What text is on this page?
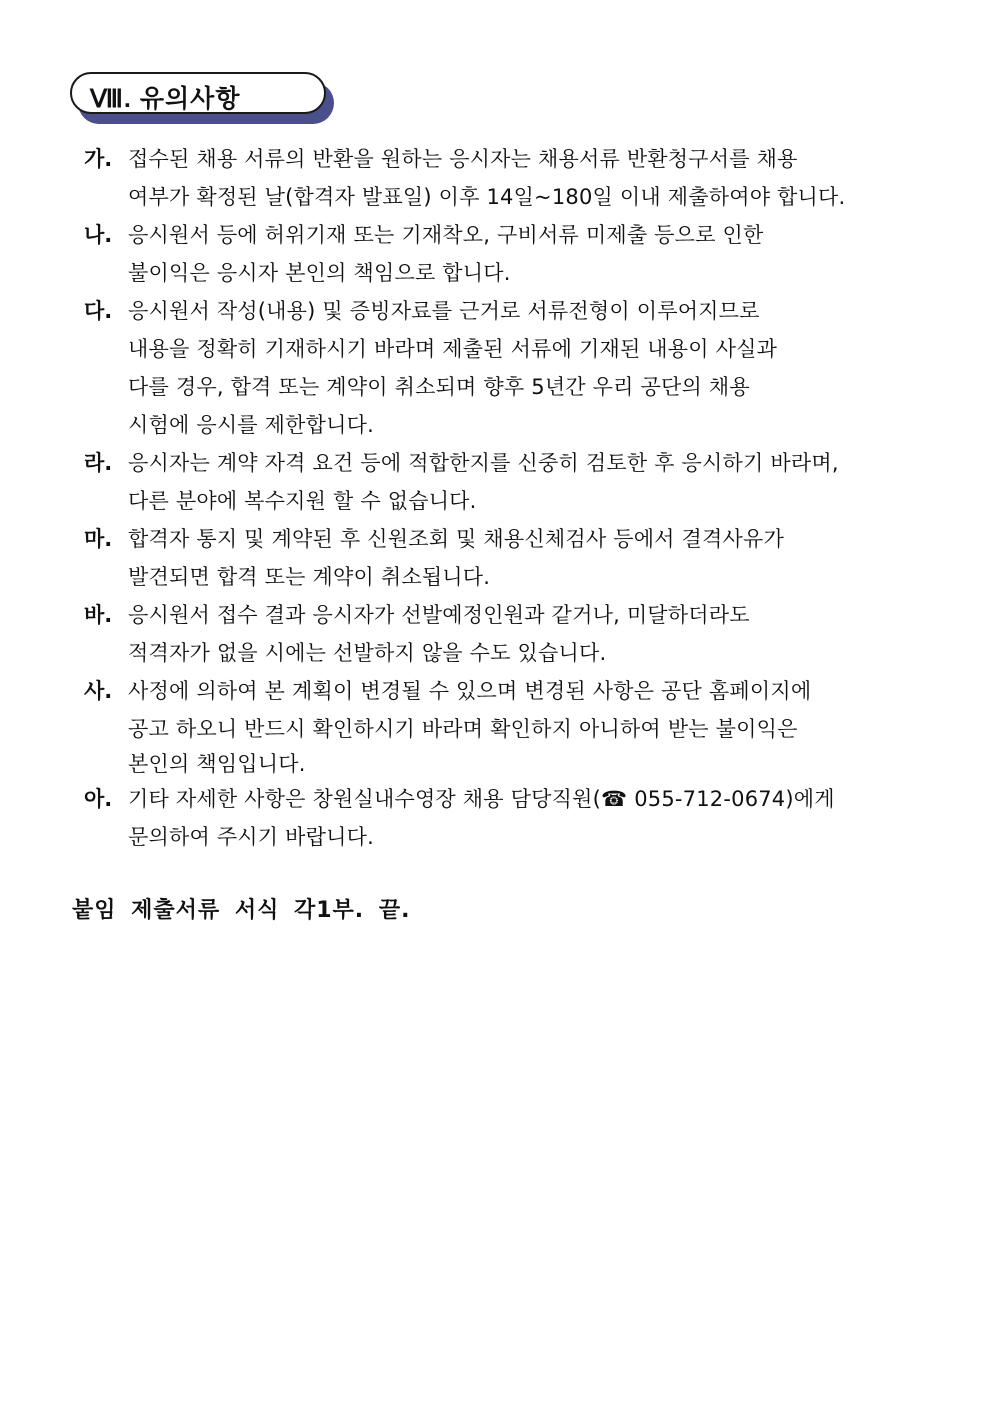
Ⅷ. 유의사항
가. 접수된 채용 서류의 반환을 원하는 응시자는 채용서류 반환청구서를 채용
여부가 확정된 날(합격자 발표일) 이후 14일~180일 이내 제출하여야 합니다.
나. 응시원서 등에 허위기재 또는 기재착오, 구비서류 미제출 등으로 인한
불이익은 응시자 본인의 책임으로 합니다.
다. 응시원서 작성(내용) 및 증빙자료를 근거로 서류전형이 이루어지므로
내용을 정확히 기재하시기 바라며 제출된 서류에 기재된 내용이 사실과
다를 경우, 합격 또는 계약이 취소되며 향후 5년간 우리 공단의 채용
시험에 응시를 제한합니다.
라. 응시자는 계약 자격 요건 등에 적합한지를 신중히 검토한 후 응시하기 바라며,
다른 분야에 복수지원 할 수 없습니다.
마. 합격자 통지 및 계약된 후 신원조회 및 채용신체검사 등에서 결격사유가
발견되면 합격 또는 계약이 취소됩니다.
바. 응시원서 접수 결과 응시자가 선발예정인원과 같거나, 미달하더라도
적격자가 없을 시에는 선발하지 않을 수도 있습니다.
사. 사정에 의하여 본 계획이 변경될 수 있으며 변경된 사항은 공단 홈페이지에
공고 하오니 반드시 확인하시기 바라며 확인하지 아니하여 받는 불이익은
본인의 책임입니다.
아. 기타 자세한 사항은 창원실내수영장 채용 담당직원(☎ 055-712-0674)에게
문의하여 주시기 바랍니다.
붙임 제출서류 서식 각1부. 끝.
